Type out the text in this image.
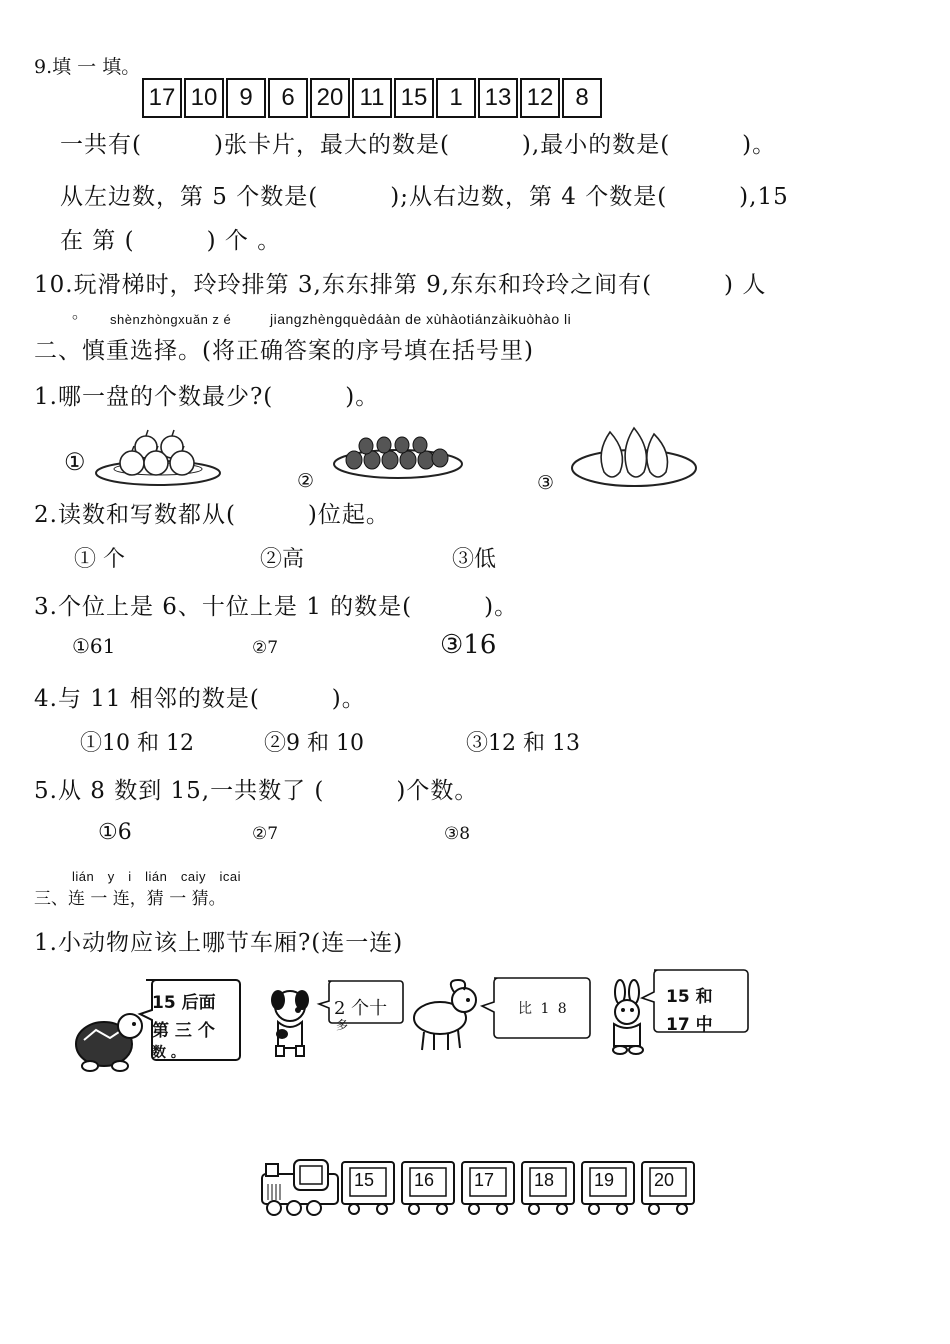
9.填 一 填。
17 10 9	6 20 11 15 1 13 12 8
一共有(　　　)张卡片，最大的数是(　　　),最小的数是(　　　)。
从左边数，第 5 个数是(　　　);从右边数，第 4 个数是(　　　),15
在 第 (　　　) 个 。
10.玩滑梯时，玲玲排第 3,东东排第 9,东东和玲玲之间有(　　　) 人
。 shènzhòngxuǎn z é	jiangzhèngquèdáàn de xùhàotiánzàikuòhào li
二、慎重选择。(将正确答案的序号填在括号里)
1.哪一盘的个数最少?(　　　)。
①
②	③
2.读数和写数都从(　　　)位起。
① 个	②高	③低
3.个位上是 6、十位上是 1 的数是(　　　)。
①61	②7	③16
4.与 11 相邻的数是(　　　)。
①10 和 12	②9 和 10	③12 和 13
5.从 8 数到 15,一共数了 (　　　)个数。
①6	②7	③8
lián　y　i　lián　caiy　icai
三、连 一 连，猜 一 猜。
1.小动物应该上哪节车厢?(连一连)
15 后面
第 三 个
数 。
2 个十
多
比 1 8
15 和
17 中
15 16 17 18 19 20
